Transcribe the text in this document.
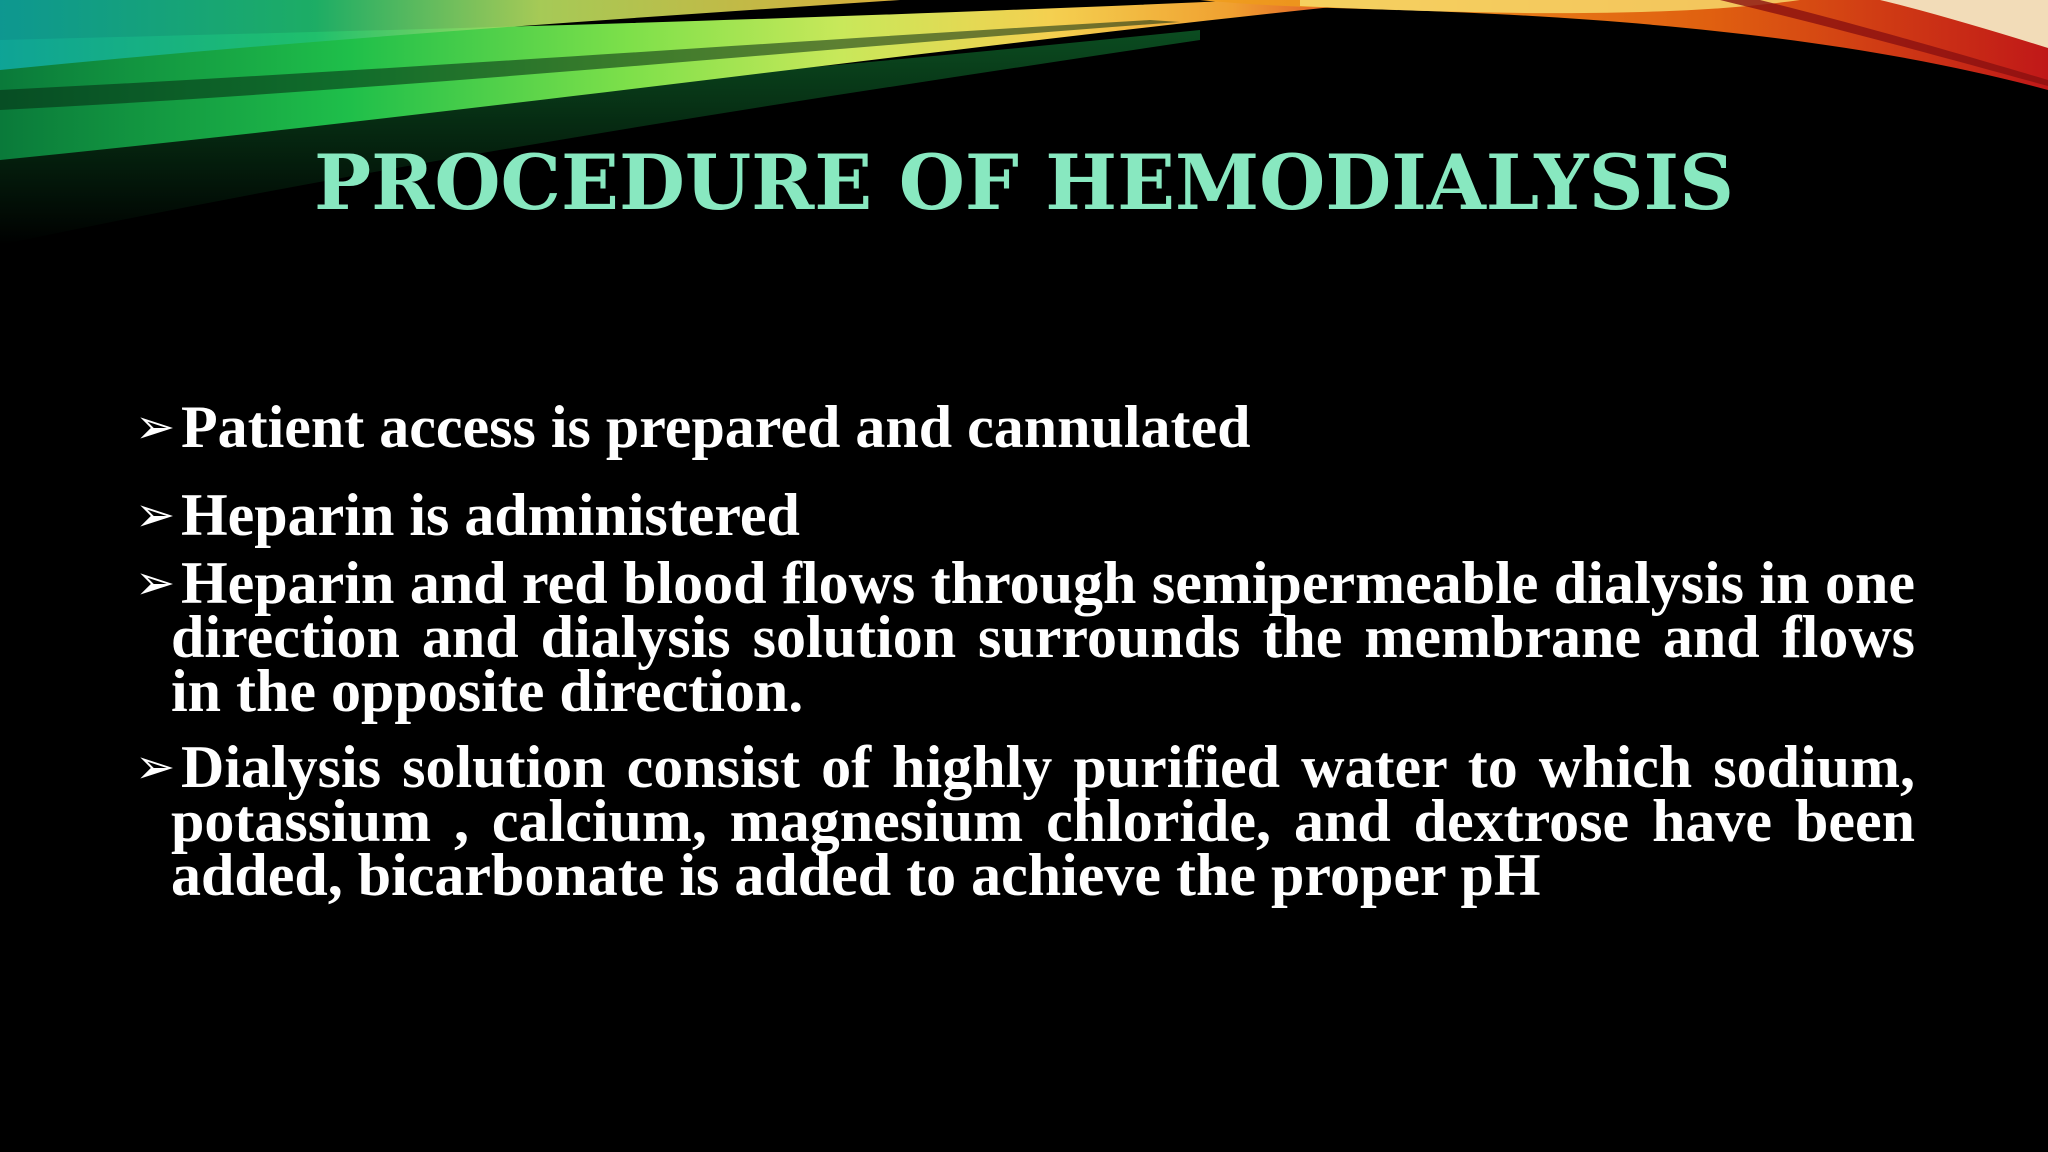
PROCEDURE OF HEMODIALYSIS
➢ Patient access is prepared and cannulated
➢ Heparin is administered
➢ Heparin and red blood flows through semipermeable dialysis in one direction and dialysis solution surrounds the membrane and flows in the opposite direction.
➢ Dialysis solution consist of highly purified water to which sodium, potassium , calcium, magnesium chloride, and dextrose have been added, bicarbonate is added to achieve the proper pH
